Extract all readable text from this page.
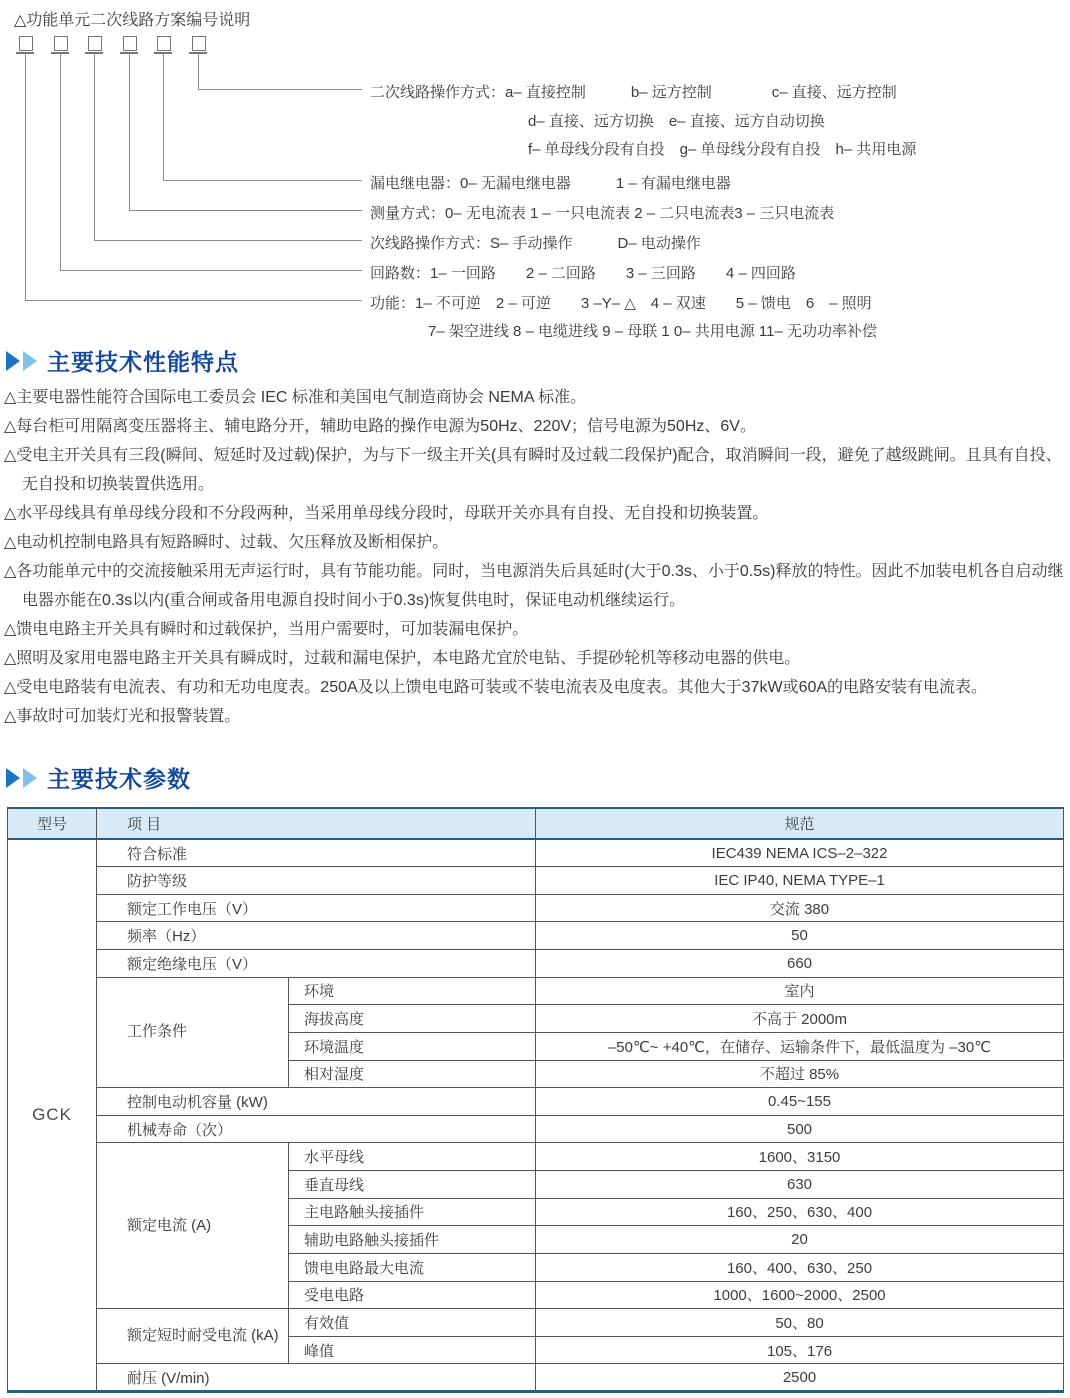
△功能单元二次线路方案编号说明
二次线路操作方式：a– 直接控制　　　b– 远方控制　　　　c– 直接、远方控制
d– 直接、远方切换　e– 直接、远方自动切换
f– 单母线分段有自投　g– 单母线分段有自投　h– 共用电源
漏电继电器：0– 无漏电继电器　　　1 – 有漏电继电器
测量方式：0– 无电流表 1 – 一只电流表 2 – 二只电流表3 – 三只电流表
次线路操作方式：S– 手动操作　　　D– 电动操作
回路数：1– 一回路　　2 – 二回路　　3 – 三回路　　4 – 四回路
功能：1– 不可逆　2 – 可逆　　3 –Y– △　4 – 双速　　5 – 馈电　6　– 照明
7– 架空进线 8 – 电缆进线 9 – 母联 1 0– 共用电源 11– 无功功率补偿
主要技术性能特点

△主要电器性能符合国际电工委员会 IEC 标准和美国电气制造商协会 NEMA 标准。

△每台柜可用隔离变压器将主、辅电路分开，辅助电路的操作电源为50Hz、220V；信号电源为50Hz、6V。

△受电主开关具有三段(瞬间、短延时及过载)保护，为与下一级主开关(具有瞬时及过载二段保护)配合，取消瞬间一段，避免了越级跳闸。且具有自投、无自投和切换装置供选用。

△水平母线具有单母线分段和不分段两种，当采用单母线分段时，母联开关亦具有自投、无自投和切换装置。

△电动机控制电路具有短路瞬时、过载、欠压释放及断相保护。

△各功能单元中的交流接触采用无声运行时，具有节能功能。同时，当电源消失后具延时(大于0.3s、小于0.5s)释放的特性。因此不加装电机各自启动继电器亦能在0.3s以内(重合闸或备用电源自投时间小于0.3s)恢复供电时，保证电动机继续运行。

△馈电电路主开关具有瞬时和过载保护，当用户需要时，可加装漏电保护。

△照明及家用电器电路主开关具有瞬成时，过载和漏电保护，本电路尤宜於电钻、手提砂轮机等移动电器的供电。

△受电电路装有电流表、有功和无功电度表。250A及以上馈电电路可装或不装电流表及电度表。其他大于37kW或60A的电路安装有电流表。

△事故时可加装灯光和报警装置。

主要技术参数
型号	项 目		规范
GCK	符合标准		IEC439 NEMA ICS–2–322
	防护等级		IEC IP40, NEMA TYPE–1
	额定工作电压（V）		交流 380
	频率（Hz）		50
	额定绝缘电压（V）		660
	工作条件	环境	室内
		海拔高度	不高于 2000m
		环境温度	–50℃~ +40℃，在储存、运输条件下，最低温度为 –30℃
		相对湿度	不超过 85%
	控制电动机容量 (kW)		0.45~155
	机械寿命（次）		500
	额定电流 (A)	水平母线	1600、3150
		垂直母线	630
		主电路触头接插件	160、250、630、400
		辅助电路触头接插件	20
		馈电电路最大电流	160、400、630、250
		受电电路	1000、1600~2000、2500
	额定短时耐受电流 (kA)	有效值	50、80
		峰值	105、176
	耐压 (V/min)		2500
